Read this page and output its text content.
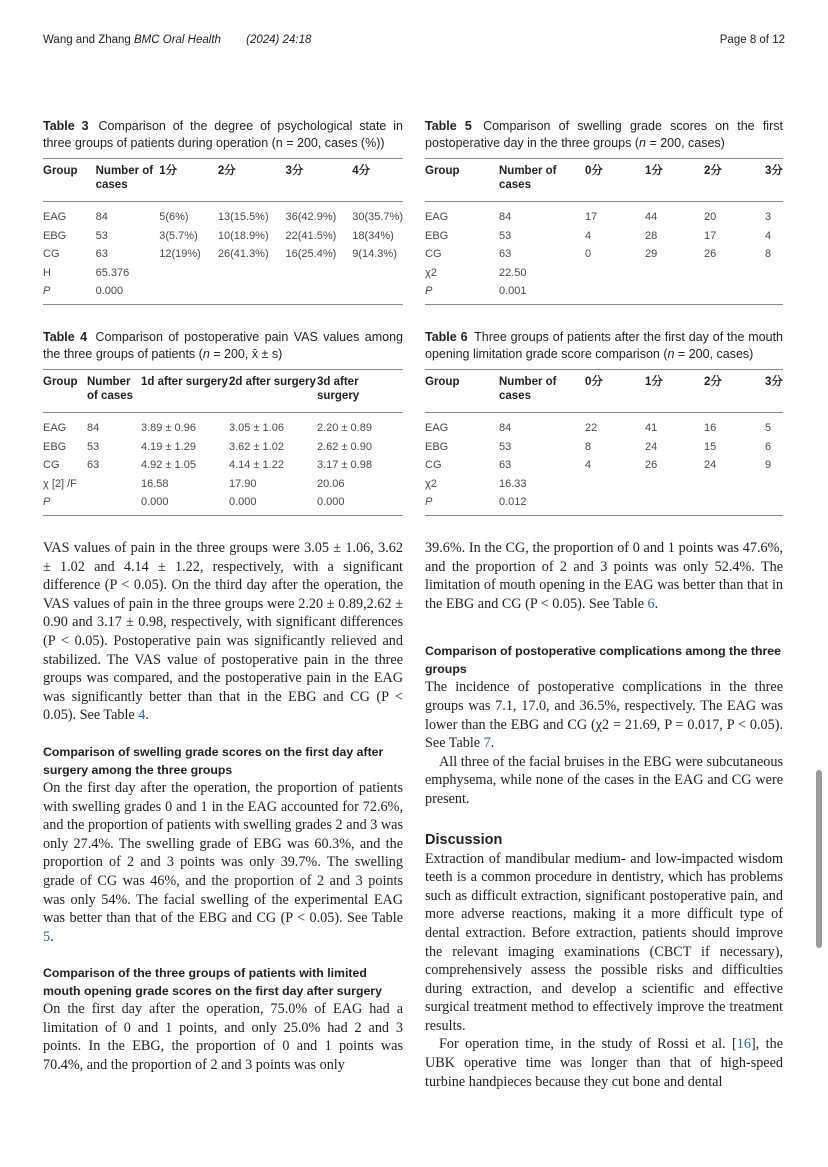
Wang and Zhang BMC Oral Health (2024) 24:18	Page 8 of 12
Table 3 Comparison of the degree of psychological state in three groups of patients during operation (n = 200, cases (%))
Group	Number of cases	1分	2分	3分	4分
EAG	84	5(6%)	13(15.5%)	36(42.9%)	30(35.7%)
EBG	53	3(5.7%)	10(18.9%)	22(41.5%)	18(34%)
CG	63	12(19%)	26(41.3%)	16(25.4%)	9(14.3%)
H	65.376				
P	0.000				
Table 5 Comparison of swelling grade scores on the first postoperative day in the three groups (n = 200, cases)
Group	Number of cases	0分	1分	2分	3分
EAG	84	17	44	20	3
EBG	53	4	28	17	4
CG	63	0	29	26	8
χ2	22.50				
P	0.001				
Table 4 Comparison of postoperative pain VAS values among the three groups of patients (n = 200, x̄ ± s)
Group	Number of cases	1d after surgery	2d after surgery	3d after surgery
EAG	84	3.89 ± 0.96	3.05 ± 1.06	2.20 ± 0.89
EBG	53	4.19 ± 1.29	3.62 ± 1.02	2.62 ± 0.90
CG	63	4.92 ± 1.05	4.14 ± 1.22	3.17 ± 0.98
χ [2] /F		16.58	17.90	20.06
P		0.000	0.000	0.000
Table 6 Three groups of patients after the first day of the mouth opening limitation grade score comparison (n = 200, cases)
Group	Number of cases	0分	1分	2分	3分
EAG	84	22	41	16	5
EBG	53	8	24	15	6
CG	63	4	26	24	9
χ2	16.33				
P	0.012				

VAS values of pain in the three groups were 3.05 ± 1.06, 3.62 ± 1.02 and 4.14 ± 1.22, respectively, with a significant difference (P < 0.05). On the third day after the operation, the VAS values of pain in the three groups were 2.20 ± 0.89,2.62 ± 0.90 and 3.17 ± 0.98, respectively, with significant differences (P < 0.05). Postoperative pain was significantly relieved and stabilized. The VAS value of postoperative pain in the three groups was compared, and the postoperative pain in the EAG was significantly better than that in the EBG and CG (P < 0.05). See Table 4.

Comparison of swelling grade scores on the first day after surgery among the three groups

On the first day after the operation, the proportion of patients with swelling grades 0 and 1 in the EAG accounted for 72.6%, and the proportion of patients with swelling grades 2 and 3 was only 27.4%. The swelling grade of EBG was 60.3%, and the proportion of 2 and 3 points was only 39.7%. The swelling grade of CG was 46%, and the proportion of 2 and 3 points was only 54%. The facial swelling of the experimental EAG was better than that of the EBG and CG (P < 0.05). See Table 5.

Comparison of the three groups of patients with limited mouth opening grade scores on the first day after surgery

On the first day after the operation, 75.0% of EAG had a limitation of 0 and 1 points, and only 25.0% had 2 and 3 points. In the EBG, the proportion of 0 and 1 points was 70.4%, and the proportion of 2 and 3 points was only

39.6%. In the CG, the proportion of 0 and 1 points was 47.6%, and the proportion of 2 and 3 points was only 52.4%. The limitation of mouth opening in the EAG was better than that in the EBG and CG (P < 0.05). See Table 6.

Comparison of postoperative complications among the three groups

The incidence of postoperative complications in the three groups was 7.1, 17.0, and 36.5%, respectively. The EAG was lower than the EBG and CG (χ2 = 21.69, P = 0.017, P < 0.05). See Table 7.

All three of the facial bruises in the EBG were subcutaneous emphysema, while none of the cases in the EAG and CG were present.

Discussion

Extraction of mandibular medium- and low-impacted wisdom teeth is a common procedure in dentistry, which has problems such as difficult extraction, significant postoperative pain, and more adverse reactions, making it a more difficult type of dental extraction. Before extraction, patients should improve the relevant imaging examinations (CBCT if necessary), comprehensively assess the possible risks and difficulties during extraction, and develop a scientific and effective surgical treatment method to effectively improve the treatment results.

For operation time, in the study of Rossi et al. [16], the UBK operative time was longer than that of high-speed turbine handpieces because they cut bone and dental
